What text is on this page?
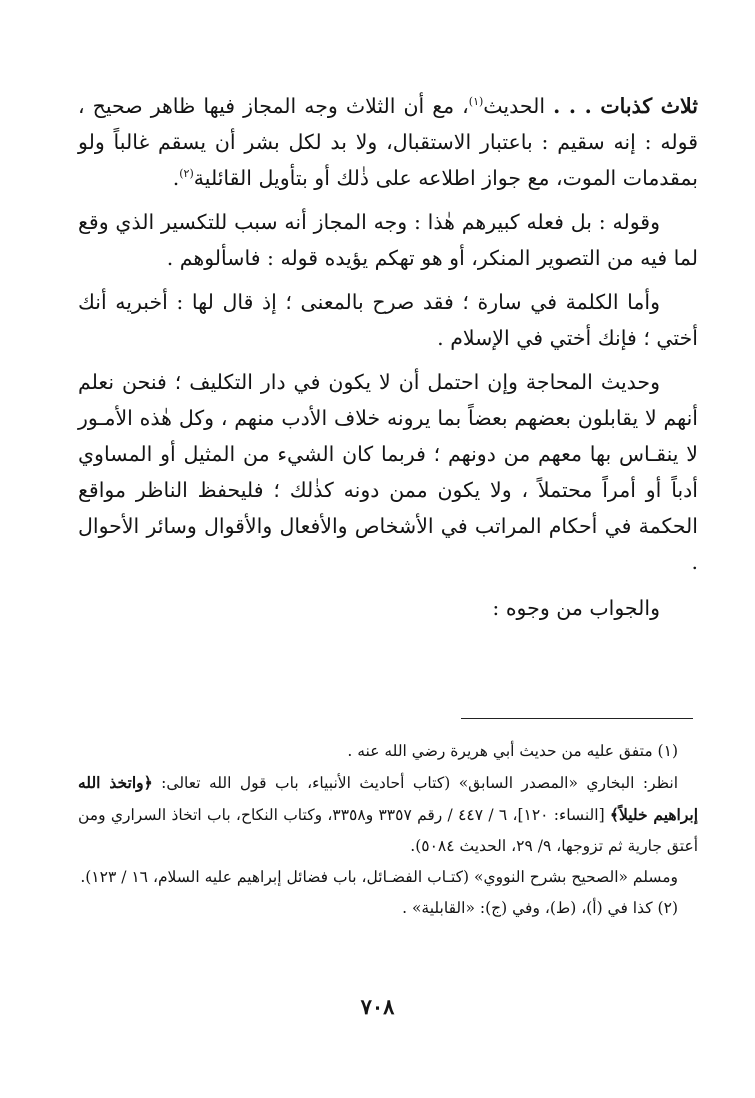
ثلاث كذبات . . . الحديث$^{(١)}$، مع أن الثلاث وجه المجاز فيها ظاهر صحيح ، قوله : إنه سقيم : باعتبار الاستقبال، ولا بد لكل بشر أن يسقم غالباً ولو بمقدمات الموت، مع جواز اطلاعه على ذٰلك أو بتأويل القائلية$^{(٢)}$.

وقوله : بل فعله كبيرهم هٰذا : وجه المجاز أنه سبب للتكسير الذي وقع لما فيه من التصوير المنكر، أو هو تهكم يؤيده قوله : فاسألوهم .

وأما الكلمة في سارة ؛ فقد صرح بالمعنى ؛ إذ قال لها : أخبريه أنك أختي ؛ فإنك أختي في الإسلام .

وحديث المحاجة وإن احتمل أن لا يكون في دار التكليف ؛ فنحن نعلم أنهم لا يقابلون بعضهم بعضاً بما يرونه خلاف الأدب منهم ، وكل هٰذه الأمـور لا ينقـاس بها معهم من دونهم ؛ فربما كان الشيء من المثيل أو المساوي أدباً أو أمراً محتملاً ، ولا يكون ممن دونه كذٰلك ؛ فليحفظ الناظر مواقع الحكمة في أحكام المراتب في الأشخاص والأفعال والأقوال وسائر الأحوال .

والجواب من وجوه :

(١) متفق عليه من حديث أبي هريرة رضي الله عنه .

انظر: البخاري «المصدر السابق» (كتاب أحاديث الأنبياء، باب قول الله تعالى: ﴿واتخذ الله إبراهيم خليلاً﴾ [النساء: ١٢٠]، ٦ / ٤٤٧ / رقم ٣٣٥٧ و٣٣٥٨، وكتاب النكاح، باب اتخاذ السراري ومن أعتق جارية ثم تزوجها، ٩/ ٢٩، الحديث ٥٠٨٤).

ومسلم «الصحيح بشرح النووي» (كتـاب الفضـائل، باب فضائل إبراهيم عليه السلام، ١٦ / ١٢٣).

(٢) كذا في (أ)، (ط)، وفي (ج): «القابلية» .

٧٠٨
